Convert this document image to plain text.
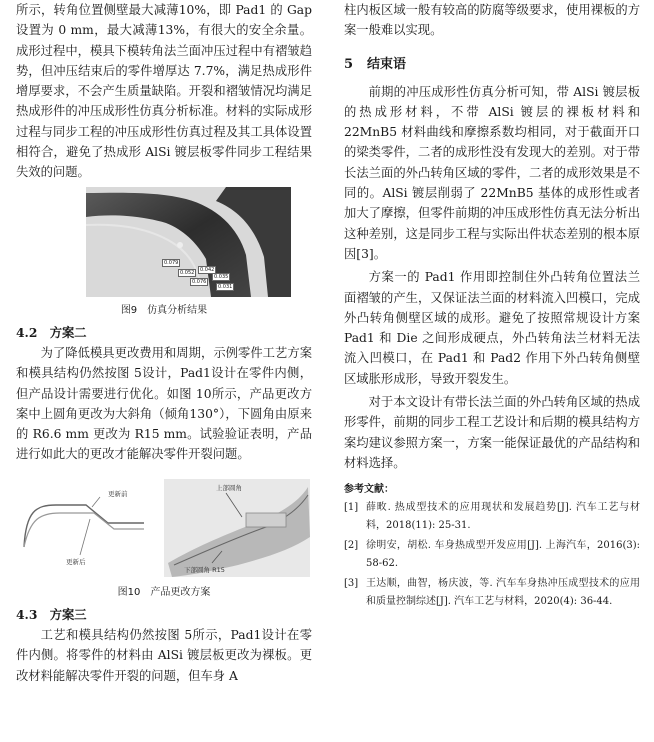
所示，转角位置侧壁最大减薄10%，即 Pad1 的 Gap 设置为 0 mm，最大减薄13%，有很大的安全余量。成形过程中，模具下模转角法兰面冲压过程中有褶皱趋势，但冲压结束后的零件增厚达 7.7%，满足热成形件增厚要求，不会产生质量缺陷。开裂和褶皱情况均满足热成形件的冲压成形性仿真分析标准。材料的实际成形过程与同步工程的冲压成形性仿真过程及其工具体设置相符合，避免了热成形 AlSi 镀层板零件同步工程结果失效的问题。

0.079
0.052	0.042
0.035
0.076
0.031
图9　仿真分析结果
4.2　方案二

为了降低模具更改费用和周期，示例零件工艺方案和模具结构仍然按图 5设计，Pad1设计在零件内侧，但产品设计需要进行优化。如图 10所示，产品更改方案中上圆角更改为大斜角（倾角130°），下圆角由原来的 R6.6 mm 更改为 R15 mm。试验验证表明，产品进行如此大的更改才能解决零件开裂问题。

更新前
更新后
上部圆角
下部圆角 R15
图10　产品更改方案
4.3　方案三

工艺和模具结构仍然按图 5所示，Pad1设计在零件内侧。将零件的材料由 AlSi 镀层板更改为裸板。更改材料能解决零件开裂的问题，但车身 A

柱内板区域一般有较高的防腐等级要求，使用裸板的方案一般难以实现。

5 结束语

前期的冲压成形性仿真分析可知，带 AlSi 镀层板的热成形材料，不带 AlSi 镀层的裸板材料和 22MnB5 材料曲线和摩擦系数均相同，对于截面开口的梁类零件，二者的成形性没有发现大的差别。对于带长法兰面的外凸转角区域的零件，二者的成形效果是不同的。AlSi 镀层削弱了 22MnB5 基体的成形性或者加大了摩擦，但零件前期的冲压成形性仿真无法分析出这种差别，这是同步工程与实际出件状态差别的根本原因[3]。

方案一的 Pad1 作用即控制住外凸转角位置法兰面褶皱的产生，又保证法兰面的材料流入凹模口，完成外凸转角侧壁区域的成形。避免了按照常规设计方案 Pad1 和 Die 之间形成硬点，外凸转角法兰材料无法流入凹模口，在 Pad1 和 Pad2 作用下外凸转角侧壁区域胀形成形，导致开裂发生。

对于本文设计有带长法兰面的外凸转角区域的热成形零件，前期的同步工程工艺设计和后期的模具结构方案均建议参照方案一，方案一能保证最优的产品结构和材料选择。

参考文献：
[1] 薛畋. 热成型技术的应用现状和发展趋势[J]. 汽车工艺与材料，2018(11): 25-31.
[2] 徐明安，胡松. 车身热成型开发应用[J]. 上海汽车，2016(3): 58-62.
[3] 王达顺，曲智，杨庆波，等. 汽车车身热冲压成型技术的应用和质量控制综述[J]. 汽车工艺与材料，2020(4): 36-44.
